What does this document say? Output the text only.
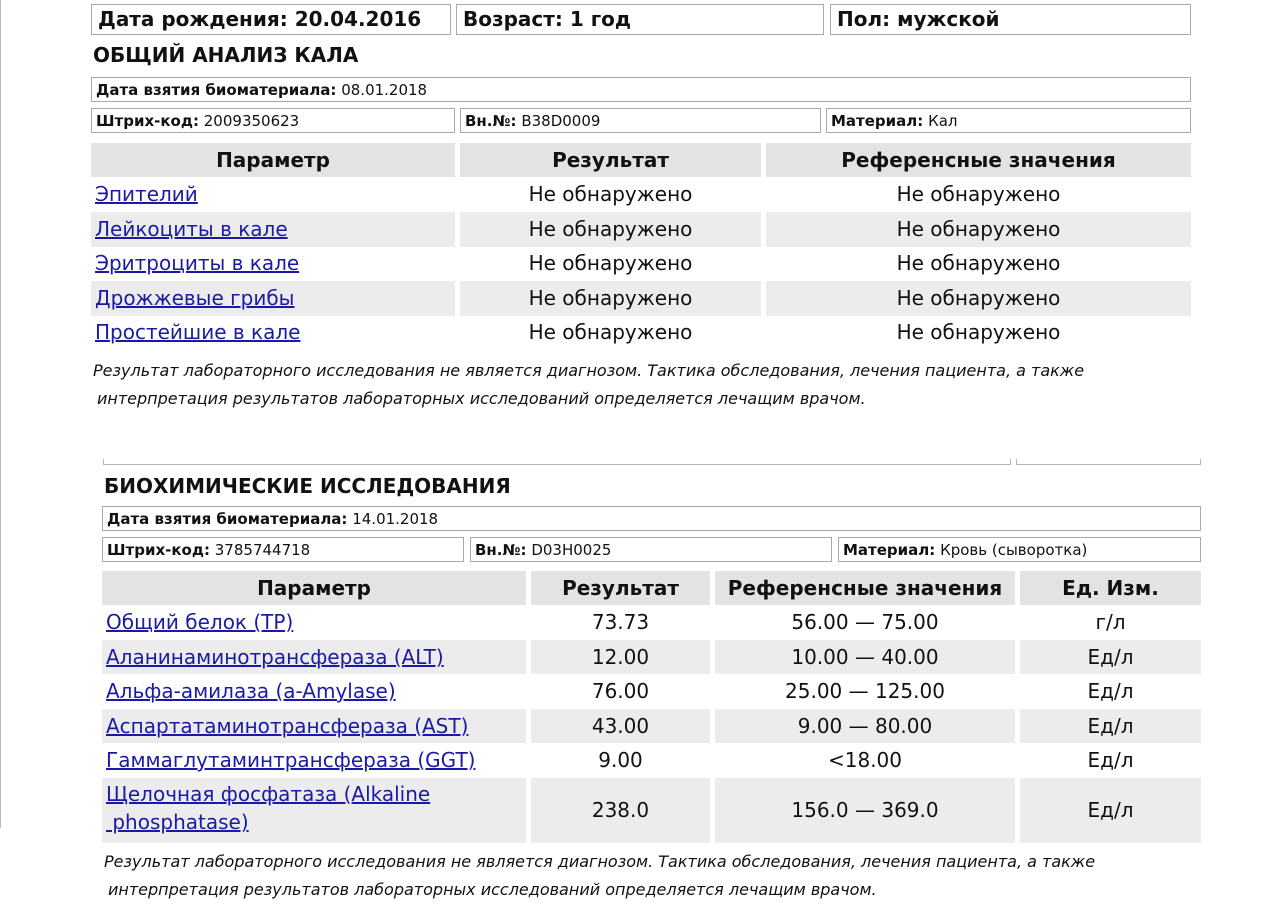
Дата рождения: 20.04.2016	Возраст: 1 год	Пол: мужской
ОБЩИЙ АНАЛИЗ КАЛА
Дата взятия биоматериала: 08.01.2018
Штрих-код: 2009350623	Вн.№: B38D0009	Материал: Кал
Параметр	Результат	Референсные значения
Эпителий	Не обнаружено	Не обнаружено
Лейкоциты в кале	Не обнаружено	Не обнаружено
Эритроциты в кале	Не обнаружено	Не обнаружено
Дрожжевые грибы	Не обнаружено	Не обнаружено
Простейшие в кале	Не обнаружено	Не обнаружено
Результат лабораторного исследования не является диагнозом. Тактика обследования, лечения пациента, а также
интерпретация результатов лабораторных исследований определяется лечащим врачом.
БИОХИМИЧЕСКИЕ ИССЛЕДОВАНИЯ
Дата взятия биоматериала: 14.01.2018
Штрих-код: 3785744718	Вн.№: D03H0025	Материал: Кровь (сыворотка)
Параметр	Результат	Референсные значения	Ед. Изм.
Общий белок (TP)	73.73	56.00 — 75.00	г/л
Аланинаминотрансфераза (ALT)	12.00	10.00 — 40.00	Ед/л
Альфа-амилаза (a-Amylase)	76.00	25.00 — 125.00	Ед/л
Аспартатаминотрансфераза (AST)	43.00	9.00 — 80.00	Ед/л
Гаммаглутаминтрансфераза (GGT)	9.00	<18.00	Ед/л
Щелочная фосфатаза (Alkaline
phosphatase)	238.0	156.0 — 369.0	Ед/л
Результат лабораторного исследования не является диагнозом. Тактика обследования, лечения пациента, а также
интерпретация результатов лабораторных исследований определяется лечащим врачом.
